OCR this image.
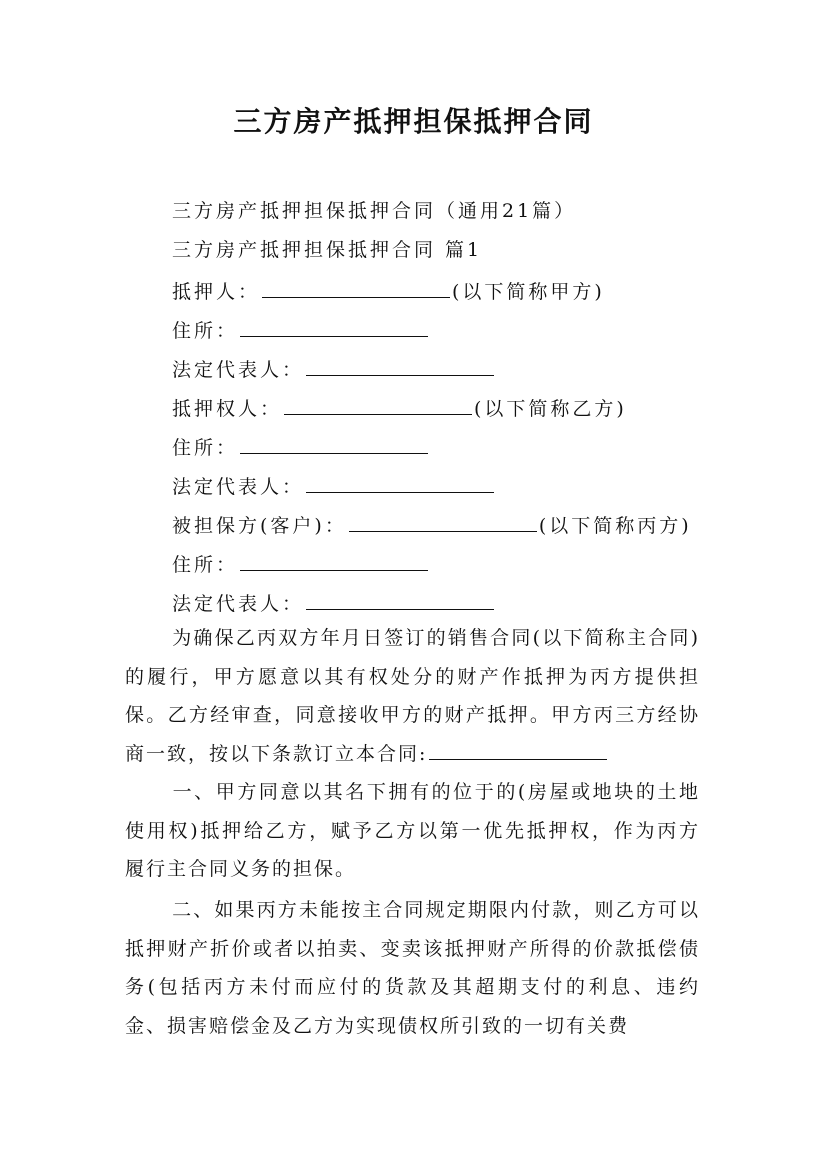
三方房产抵押担保抵押合同
三方房产抵押担保抵押合同（通用21篇）
三方房产抵押担保抵押合同 篇1
抵押人：	(以下简称甲方)
住所：
法定代表人：
抵押权人：	(以下简称乙方)
住所：
法定代表人：
被担保方(客户)：	(以下简称丙方)
住所：
法定代表人：
为确保乙丙双方年月日签订的销售合同(以下简称主合同)的履行，甲方愿意以其有权处分的财产作抵押为丙方提供担保。乙方经审查，同意接收甲方的财产抵押。甲方丙三方经协商一致，按以下条款订立本合同:
一、甲方同意以其名下拥有的位于的(房屋或地块的土地使用权)抵押给乙方，赋予乙方以第一优先抵押权，作为丙方履行主合同义务的担保。
二、如果丙方未能按主合同规定期限内付款，则乙方可以抵押财产折价或者以拍卖、变卖该抵押财产所得的价款抵偿债务(包括丙方未付而应付的货款及其超期支付的利息、违约金、损害赔偿金及乙方为实现债权所引致的一切有关费
